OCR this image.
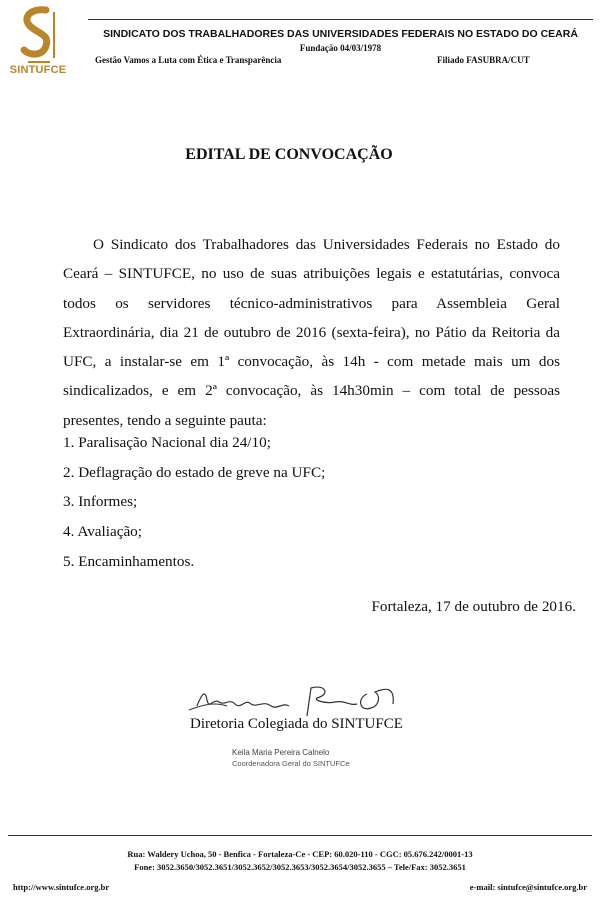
SINTUFCE
SINDICATO DOS TRABALHADORES DAS UNIVERSIDADES FEDERAIS NO ESTADO DO CEARÁ
Fundação 04/03/1978
Gestão Vamos a Luta com Ética e Transparência	Filiado FASUBRA/CUT
EDITAL DE CONVOCAÇÃO
O Sindicato dos Trabalhadores das Universidades Federais no Estado do Ceará – SINTUFCE, no uso de suas atribuições legais e estatutárias, convoca todos os servidores técnico-administrativos para Assembleia Geral Extraordinária, dia 21 de outubro de 2016 (sexta-feira), no Pátio da Reitoria da UFC, a instalar-se em 1ª convocação, às 14h - com metade mais um dos sindicalizados, e em 2ª convocação, às 14h30min – com total de pessoas presentes, tendo a seguinte pauta:
1. Paralisação Nacional dia 24/10;
2. Deflagração do estado de greve na UFC;
3. Informes;
4. Avaliação;
5. Encaminhamentos.
Fortaleza, 17 de outubro de 2016.
Diretoria Colegiada do SINTUFCE
Keila Maria Pereira Calnelo
Coordenadora Geral do SINTUFCe
Rua: Waldery Uchoa, 50 - Benfica - Fortaleza-Ce - CEP: 60.020-110 - CGC: 05.676.242/0001-13
Fone: 3052.3650/3052.3651/3052.3652/3052.3653/3052.3654/3052.3655 – Tele/Fax: 3052.3651
http://www.sintufce.org.br	e-mail: sintufce@sintufce.org.br
